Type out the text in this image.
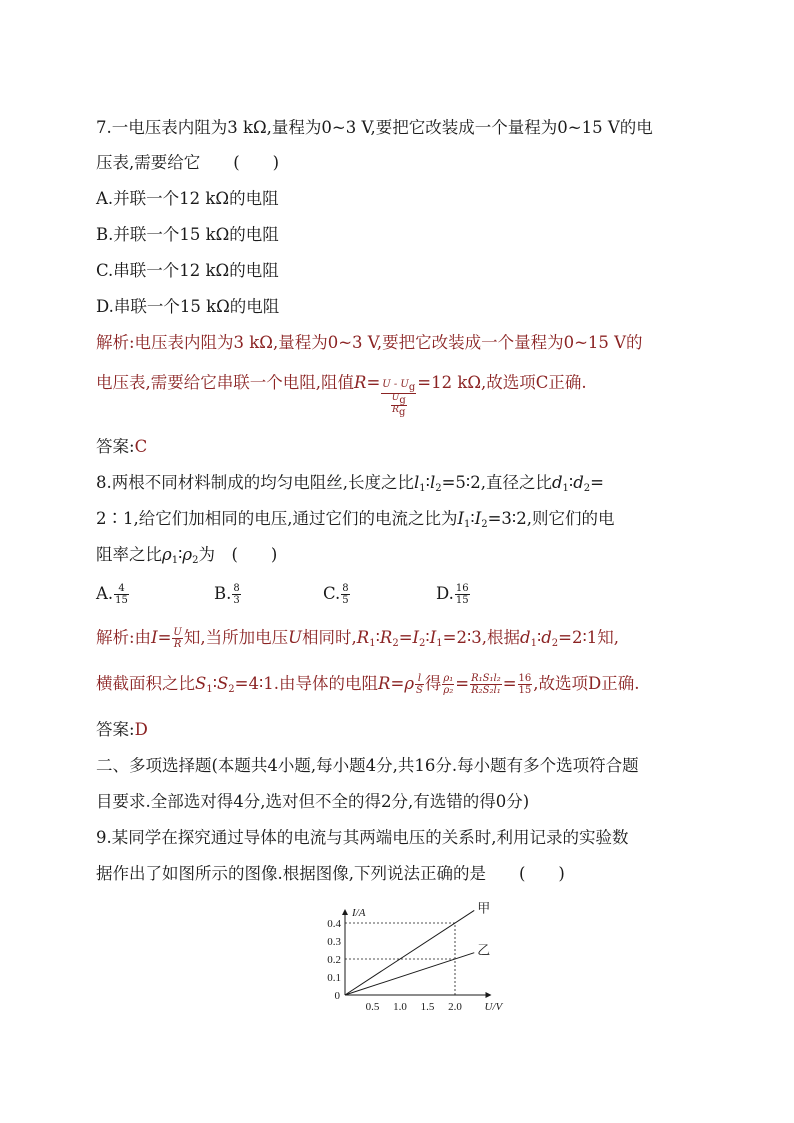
7.一电压表内阻为3 kΩ,量程为0~3 V,要把它改装成一个量程为0~15 V的电
压表,需要给它　　(　　)
A.并联一个12 kΩ的电阻
B.并联一个15 kΩ的电阻
C.串联一个12 kΩ的电阻
D.串联一个15 kΩ的电阻
解析:电压表内阻为3 kΩ,量程为0~3 V,要把它改装成一个量程为0~15 V的
电压表,需要给它串联一个电阻,阻值$R= \frac{U - U_g}{\frac{U_g}{R_g}} =12$ kΩ,故选项C正确.
答案:C
8.两根不同材料制成的均匀电阻丝,长度之比$l_1∶l_2=5∶2$,直径之比$d_1∶d_2=$
2∶1,给它们加相同的电压,通过它们的电流之比为$I_1∶I_2=3∶2$,则它们的电
阻率之比$\rho_1∶\rho_2$为　(　　)
A. $\frac{4}{15}$	B. $\frac{8}{3}$	C. $\frac{8}{5}$	D. $\frac{16}{15}$
解析:由$I= \frac{U}{R}$ 知,当所加电压U相同时$,R_1∶R_2=I_2∶I_1=2∶3$,根据$d_1∶d_2=2∶1$知,
横截面积之比$S_1∶S_2=4∶1$.由导体的电阻$R=\rho \frac{l}{S}$ 得 $\frac{\text{ρ₁}}{\text{ρ₂}} = \frac{\text{R₁S₁l₂}}{\text{R₂S₂l₁}} = \frac{16}{15}$ ,故选项D正确.
答案:D
二、多项选择题(本题共4小题,每小题4分,共16分.每小题有多个选项符合题
目要求.全部选对得4分,选对但不全的得2分,有选错的得0分)
9.某同学在探究通过导体的电流与其两端电压的关系时,利用记录的实验数
据作出了如图所示的图像.根据图像,下列说法正确的是　　(　　)
甲
乙
0.5 1.0 1.5 2.0
0.1
0.2
0.3
0.4
0
I/A
U/V
